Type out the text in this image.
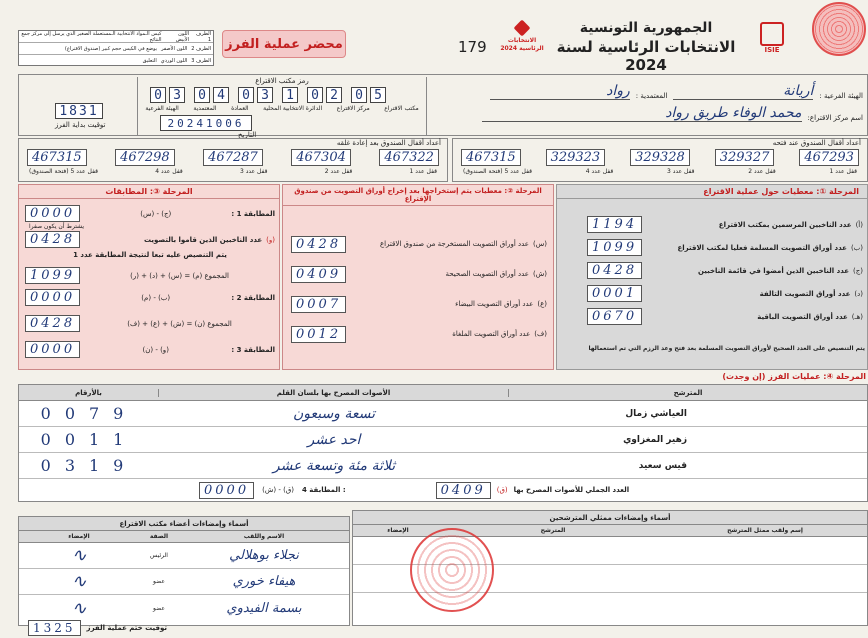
الظرف 1
اللون الأبيض
كيس الـمواد الانتخابية الـمستعملة الصغير الذي يرسل إلى مركز جمع النتائج
الظرف 2
اللون الأصفر
يوضع في الكيس حجم كبير (صندوق الاقتراع)
الظرف 3
اللون الوردي
التعليق
محضر عملية الفرز	179	الانتخابات الرئاسية 2024
الجمهورية التونسية
الانتخابات الرئاسية لسنة 2024
ISIE
1831
توقيت بداية الفرز
رمز مكتب الاقتراع
0 3	0 4	0 3	1	0 2	0 5
مكتب الاقتراع
مركز الاقتراع
الدائرة الانتخابية المحلية
العمادة
المعتمدية
الهيئة الفرعية
20241006
التاريخ
الهيئة الفرعية :
أريانة
المعتمدية :
رواد
اسم مركز الاقتراع:
محمد الوفاء طريق رواد
أعداد أقفال الصندوق بعد إعادة غلقه
467315	467298	467287	467304	467322
قفل عدد 1
قفل عدد 2
قفل عدد 3
قفل عدد 4
قفل عدد 5 (فتحة الصندوق)
أعداد أقفال الصندوق عند فتحه
467315	329323	329328	329327	467293
قفل عدد 1
قفل عدد 2
قفل عدد 3
قفل عدد 4
قفل عدد 5 (فتحة الصندوق)
المرحلة ③: المطابقات
المطابقة 1 :
(ج) - (س)
0000
يشترط أن يكون صفرا
(و)
عدد الناخبين الذين قاموا بالتصويت
0428
يتم التنصيص عليه تبعا لنتيجة المطابقة عدد 1
المجموع (م) = (س) + (د) + (ر)
1099
المطابقة 2 :
(ب) - (م)
0000
المجموع (ن) = (ش) + (ع) + (ف)
0428
المطابقة 3 :
(و) - (ن)
0000
المرحلة ②: معطيات يتم إستخراجها بعد إخراج أوراق التصويت من صندوق الإقتراع
(س)
عدد أوراق التصويت المستخرجة من صندوق الاقتراع
0428
(ش)
عدد أوراق التصويت الصحيحة
0409
(ع)
عدد أوراق التصويت البيضاء
0007
(ف)
عدد أوراق التصويت الملغاة
0012
المرحلة ①: معطيات حول عملية الاقتراع
(أ)
عدد الناخبين المرسمين بمكتب الاقتراع
1194
(ب)
عدد أوراق التصويت المسلمة فعليا لمكتب الاقتراع
1099
(ج)
عدد الناخبين الذين أمضوا في قائمة الناخبين
0428
(د)
عدد أوراق التصويت التالفة
0001
(هـ)
عدد أوراق التصويت الباقية
0670
يتم التنصيص على العدد الصحيح لأوراق التصويت المسلمة بعد فتح وعد الرزم التي تم استعمالها
المرحلة ④: عمليات الفرز (إن وجدت)
بالأرقام	الأصوات المصرح بها بلسان القلم	المترشح
0079	تسعة وسبعون	العياشي زمال
0011	احد عشر	زهير المغزاوي
0319	ثلاثة مئة وتسعة عشر	قيس سعيد
0000	(ش) - (ق) المطابقة 4 :	0409	(ق) العدد الجملي للأصوات المصرح بها
أسماء وإمضاءات أعضاء مكتب الاقتراع
الإمضاء	الصفة	الاسم واللقب
∿	الرئيس	نجلاء بوهلالي
∿	عضو	هيفاء خوري
∿	عضو	بسمة الفيدوي
أسماء وإمضاءات ممثلي المترشحين
الإمضاء	المترشح	إسم ولقب ممثل المترشح
1325	توقيت ختم عملية الفرز
